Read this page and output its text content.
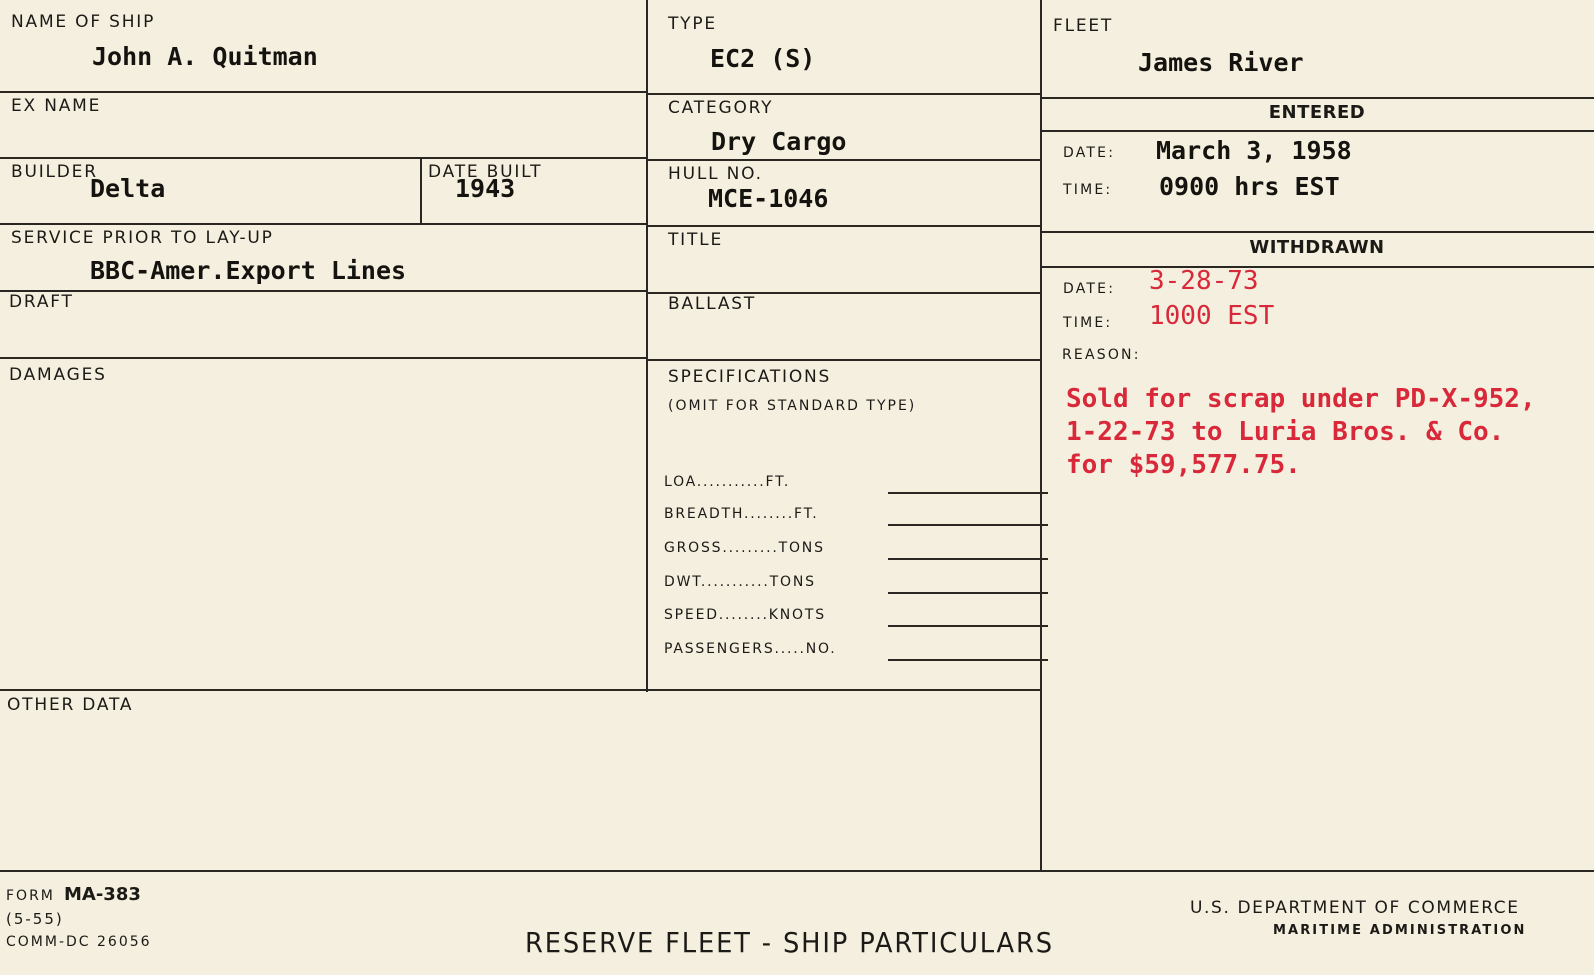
NAME OF SHIP
John A. Quitman
EX NAME
BUILDER
Delta
DATE BUILT
1943
SERVICE PRIOR TO LAY-UP
BBC-Amer.Export Lines
DRAFT
DAMAGES
OTHER DATA
TYPE
EC2 (S)
CATEGORY
Dry Cargo
HULL NO.
MCE-1046
TITLE
BALLAST
SPECIFICATIONS
(OMIT FOR STANDARD TYPE)
LOA...........FT.
BREADTH........FT.
GROSS.........TONS
DWT...........TONS
SPEED........KNOTS
PASSENGERS.....NO.
FLEET
James River
ENTERED
DATE: March 3, 1958
TIME: 0900 hrs EST
WITHDRAWN
DATE: 3-28-73
TIME: 1000 EST
REASON:
Sold for scrap under PD-X-952,
1-22-73 to Luria Bros. & Co.
for $59,577.75.
FORM MA-383
(5-55)
COMM-DC 26056	RESERVE FLEET - SHIP PARTICULARS
U.S. DEPARTMENT OF COMMERCE
MARITIME ADMINISTRATION
